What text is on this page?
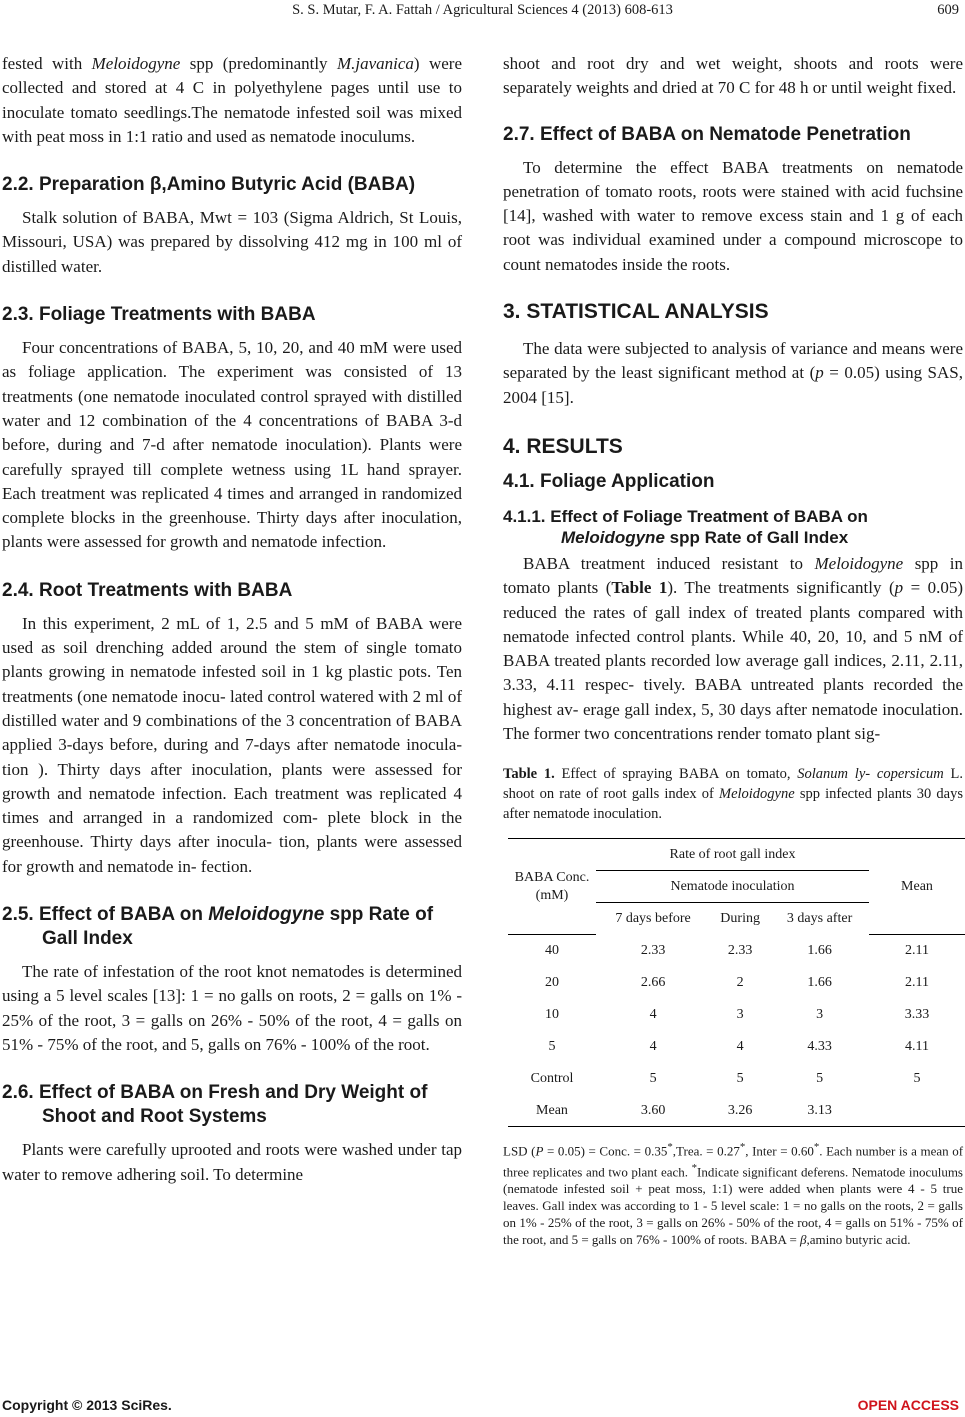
S. S. Mutar, F. A. Fattah / Agricultural Sciences 4 (2013) 608-613	609

fested with Meloidogyne spp (predominantly M.javanica) were collected and stored at 4 C in polyethylene pages until use to inoculate tomato seedlings.The nematode infested soil was mixed with peat moss in 1:1 ratio and used as nematode inoculums.

2.2. Preparation β,Amino Butyric Acid (BABA)

Stalk solution of BABA, Mwt = 103 (Sigma Aldrich, St Louis, Missouri, USA) was prepared by dissolving 412 mg in 100 ml of distilled water.

2.3. Foliage Treatments with BABA

Four concentrations of BABA, 5, 10, 20, and 40 mM were used as foliage application. The experiment was consisted of 13 treatments (one nematode inoculated control sprayed with distilled water and 12 combination of the 4 concentrations of BABA 3-d before, during and 7-d after nematode inoculation). Plants were carefully sprayed till complete wetness using 1L hand sprayer. Each treatment was replicated 4 times and arranged in randomized complete blocks in the greenhouse. Thirty days after inoculation, plants were assessed for growth and nematode infection.

2.4. Root Treatments with BABA

In this experiment, 2 mL of 1, 2.5 and 5 mM of BABA were used as soil drenching added around the stem of single tomato plants growing in nematode infested soil in 1 kg plastic pots. Ten treatments (one nematode inocu- lated control watered with 2 ml of distilled water and 9 combinations of the 3 concentration of BABA applied 3-days before, during and 7-days after nematode inocula- tion ). Thirty days after inoculation, plants were assessed for growth and nematode infection. Each treatment was replicated 4 times and arranged in a randomized com- plete block in the greenhouse. Thirty days after inocula- tion, plants were assessed for growth and nematode in- fection.

2.5. Effect of BABA on Meloidogyne spp Rate of Gall Index

The rate of infestation of the root knot nematodes is determined using a 5 level scales [13]: 1 = no galls on roots, 2 = galls on 1% - 25% of the root, 3 = galls on 26% - 50% of the root, 4 = galls on 51% - 75% of the root, and 5, galls on 76% - 100% of the root.

2.6. Effect of BABA on Fresh and Dry Weight of Shoot and Root Systems

Plants were carefully uprooted and roots were washed under tap water to remove adhering soil. To determine

shoot and root dry and wet weight, shoots and roots were separately weights and dried at 70 C for 48 h or until weight fixed.

2.7. Effect of BABA on Nematode Penetration

To determine the effect BABA treatments on nematode penetration of tomato roots, roots were stained with acid fuchsine [14], washed with water to remove excess stain and 1 g of each root was individual examined under a compound microscope to count nematodes inside the roots.

3. STATISTICAL ANALYSIS

The data were subjected to analysis of variance and means were separated by the least significant method at (p = 0.05) using SAS, 2004 [15].

4. RESULTS
4.1. Foliage Application
4.1.1. Effect of Foliage Treatment of BABA on Meloidogyne spp Rate of Gall Index

BABA treatment induced resistant to Meloidogyne spp in tomato plants (Table 1). The treatments significantly (p = 0.05) reduced the rates of gall index of treated plants compared with nematode infected control plants. While 40, 20, 10, and 5 nM of BABA treated plants recorded low average gall indices, 2.11, 2.11, 3.33, 4.11 respec- tively. BABA untreated plants recorded the highest av- erage gall index, 5, 30 days after nematode inoculation. The former two concentrations render tomato plant sig-

Table 1. Effect of spraying BABA on tomato, Solanum ly- copersicum L. shoot on rate of root galls index of Meloidogyne spp infected plants 30 days after nematode inoculation.

BABA Conc. (mM)	Rate of root gall index			Mean
	Nematode inoculation			
	7 days before	During	3 days after	
40	2.33	2.33	1.66	2.11
20	2.66	2	1.66	2.11
10	4	3	3	3.33
5	4	4	4.33	4.11
Control	5	5	5	5
Mean	3.60	3.26	3.13	

LSD (P = 0.05) = Conc. = 0.35*,Trea. = 0.27*, Inter = 0.60*. Each number is a mean of three replicates and two plant each. *Indicate significant deferens. Nematode inoculums (nematode infested soil + peat moss, 1:1) were added when plants were 4 - 5 true leaves. Gall index was according to 1 - 5 level scale: 1 = no galls on the roots, 2 = galls on 1% - 25% of the root, 3 = galls on 26% - 50% of the root, 4 = galls on 51% - 75% of the root, and 5 = galls on 76% - 100% of roots. BABA = β,amino butyric acid.

Copyright © 2013 SciRes.	OPEN ACCESS
